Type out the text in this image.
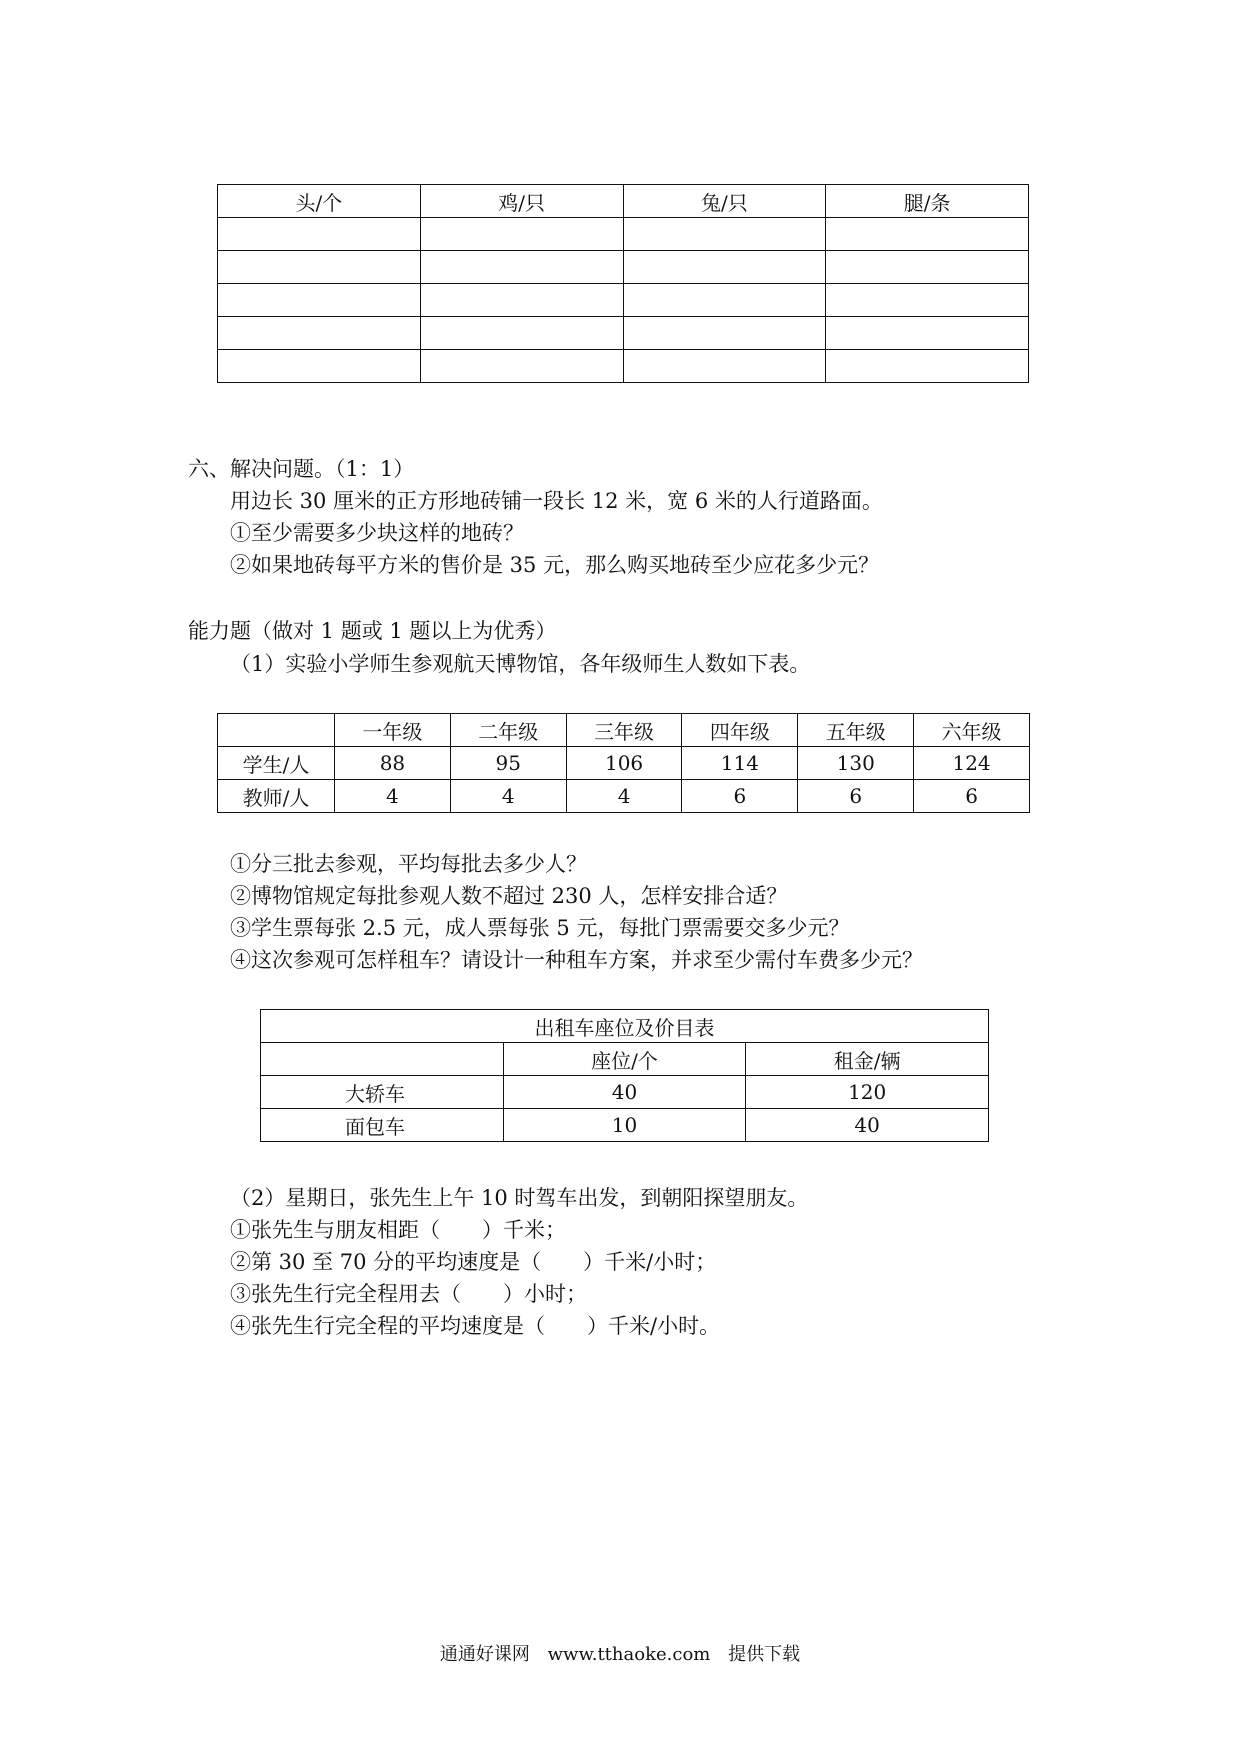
头/个	鸡/只	兔/只	腿/条

六、解决问题。（1：1）
用边长 30 厘米的正方形地砖铺一段长 12 米，宽 6 米的人行道路面。
①至少需要多少块这样的地砖？
②如果地砖每平方米的售价是 35 元，那么购买地砖至少应花多少元？
能力题（做对 1 题或 1 题以上为优秀）
（1）实验小学师生参观航天博物馆，各年级师生人数如下表。
	一年级	二年级	三年级	四年级	五年级	六年级
学生/人	88	95	106	114	130	124
教师/人	4	4	4	6	6	6
①分三批去参观，平均每批去多少人？
②博物馆规定每批参观人数不超过 230 人，怎样安排合适？
③学生票每张 2.5 元，成人票每张 5 元，每批门票需要交多少元？
④这次参观可怎样租车？请设计一种租车方案，并求至少需付车费多少元？
出租车座位及价目表		
	座位/个	租金/辆
大轿车	40	120
面包车	10	40
（2）星期日，张先生上午 10 时驾车出发，到朝阳探望朋友。
①张先生与朋友相距（　　）千米；
②第 30 至 70 分的平均速度是（　　）千米/小时；
③张先生行完全程用去（　　）小时；
④张先生行完全程的平均速度是（　　）千米/小时。
通通好课网 www.tthaoke.com 提供下载
